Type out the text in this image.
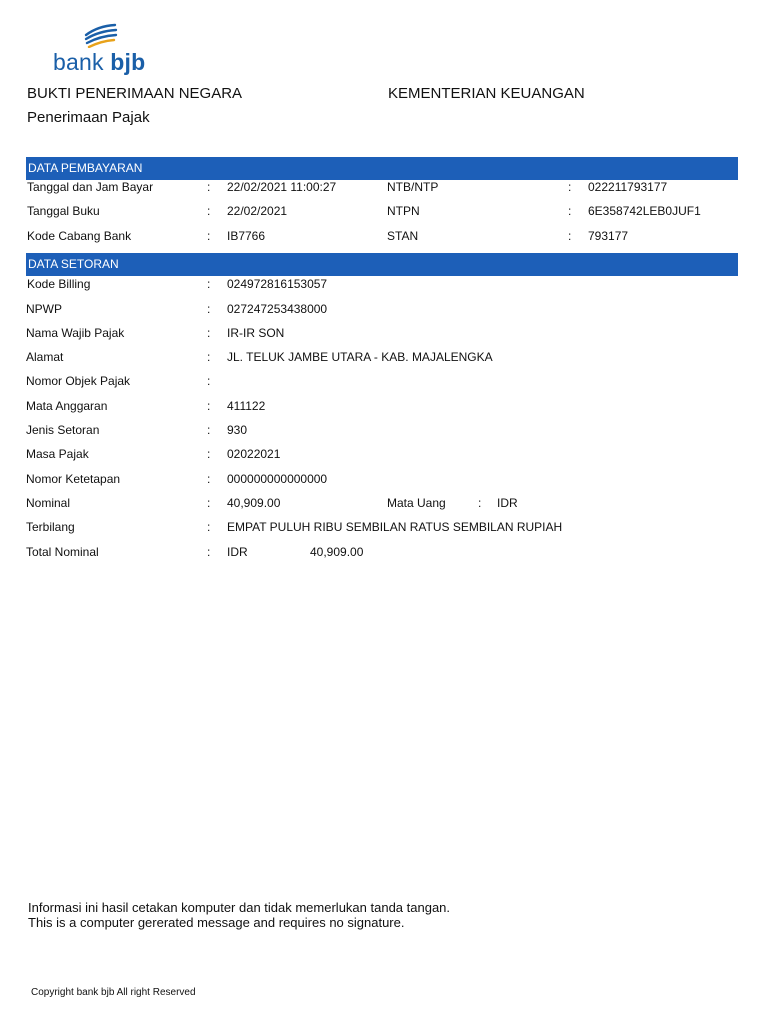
bank bjb
BUKTI PENERIMAAN NEGARA	KEMENTERIAN KEUANGAN
Penerimaan Pajak
DATA PEMBAYARAN
Tanggal dan Jam Bayar	: 22/02/2021 11:00:27	NTB/NTP	: 022211793177
Tanggal Buku	: 22/02/2021	NTPN	: 6E358742LEB0JUF1
Kode Cabang Bank	: IB7766	STAN	: 793177
DATA SETORAN
Kode Billing	: 024972816153057
NPWP	: 027247253438000
Nama Wajib Pajak	: IR-IR SON
Alamat	: JL. TELUK JAMBE UTARA - KAB. MAJALENGKA
Nomor Objek Pajak	:
Mata Anggaran	: 411122
Jenis Setoran	: 930
Masa Pajak	: 02022021
Nomor Ketetapan	: 000000000000000
Nominal	: 40,909.00	Mata Uang	: IDR
Terbilang	: EMPAT PULUH RIBU SEMBILAN RATUS SEMBILAN RUPIAH
Total Nominal	: IDR	40,909.00
Informasi ini hasil cetakan komputer dan tidak memerlukan tanda tangan.
This is a computer gererated message and requires no signature.
Copyright bank bjb All right Reserved
